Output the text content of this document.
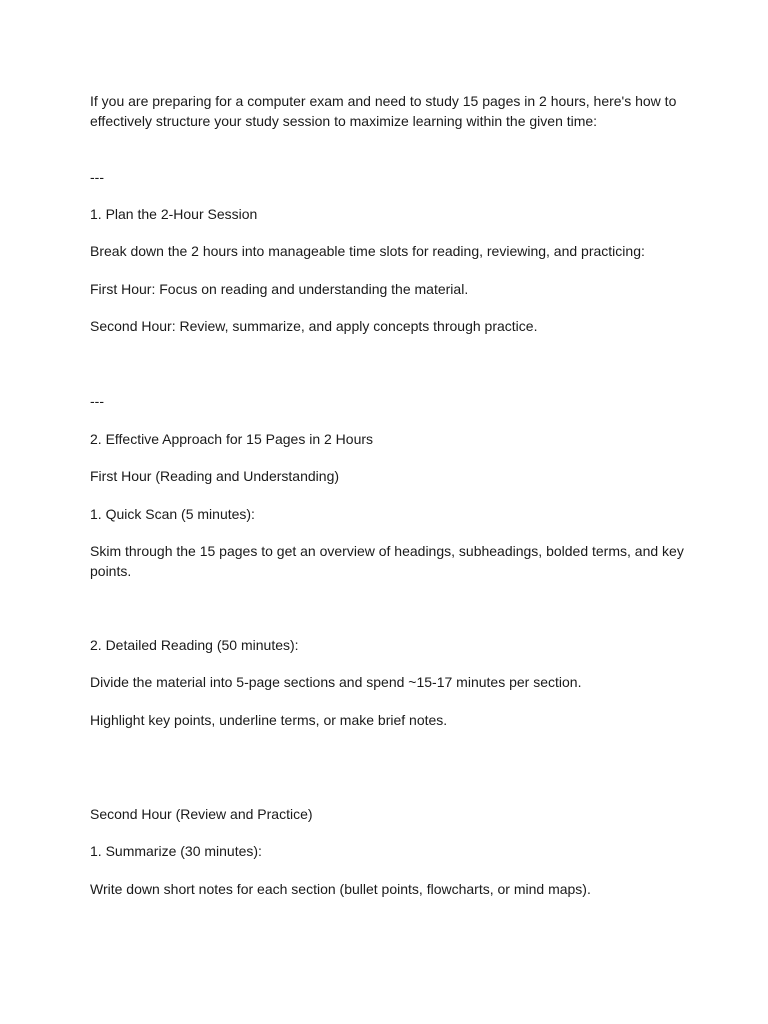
If you are preparing for a computer exam and need to study 15 pages in 2 hours, here's how to effectively structure your study session to maximize learning within the given time:
---
1. Plan the 2-Hour Session
Break down the 2 hours into manageable time slots for reading, reviewing, and practicing:
First Hour: Focus on reading and understanding the material.
Second Hour: Review, summarize, and apply concepts through practice.
---
2. Effective Approach for 15 Pages in 2 Hours
First Hour (Reading and Understanding)
1. Quick Scan (5 minutes):
Skim through the 15 pages to get an overview of headings, subheadings, bolded terms, and key points.
2. Detailed Reading (50 minutes):
Divide the material into 5-page sections and spend ~15-17 minutes per section.
Highlight key points, underline terms, or make brief notes.
Second Hour (Review and Practice)
1. Summarize (30 minutes):
Write down short notes for each section (bullet points, flowcharts, or mind maps).
